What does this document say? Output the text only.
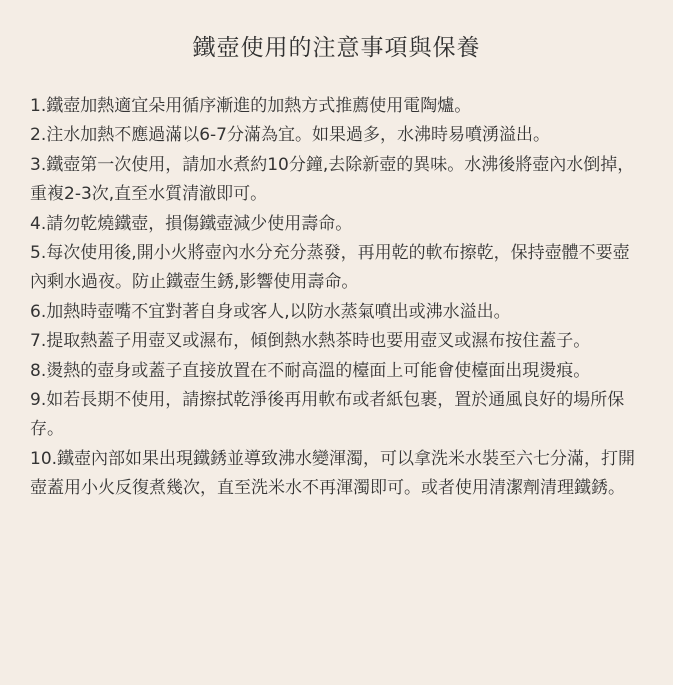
鐵壺使用的注意事項與保養
1.鐵壺加熱適宜朵用循序漸進的加熱方式推薦使用電陶爐。
2.注水加熱不應過滿以6-7分滿為宜。如果過多，水沸時易噴湧溢出。
3.鐵壺第一次使用，請加水煮約10分鐘,去除新壺的異味。水沸後將壺內水倒掉，重複2-3次,直至水質清澈即可。
4.請勿乾燒鐵壺，損傷鐵壺減少使用壽命。
5.每次使用後,開小火將壺內水分充分蒸發，再用乾的軟布擦乾，保持壺體不要壺內剩水過夜。防止鐵壺生銹,影響使用壽命。
6.加熱時壺嘴不宜對著自身或客人,以防水蒸氣噴出或沸水溢出。
7.提取熱蓋子用壺叉或濕布，傾倒熱水熱茶時也要用壺叉或濕布按住蓋子。
8.燙熱的壺身或蓋子直接放置在不耐高溫的檯面上可能會使檯面出現燙痕。
9.如若長期不使用，請擦拭乾淨後再用軟布或者紙包裹，置於通風良好的場所保存。
10.鐵壺內部如果出現鐵銹並導致沸水變渾濁，可以拿洗米水裝至六七分滿，打開壺蓋用小火反復煮幾次，直至洗米水不再渾濁即可。或者使用清潔劑清理鐵銹。
